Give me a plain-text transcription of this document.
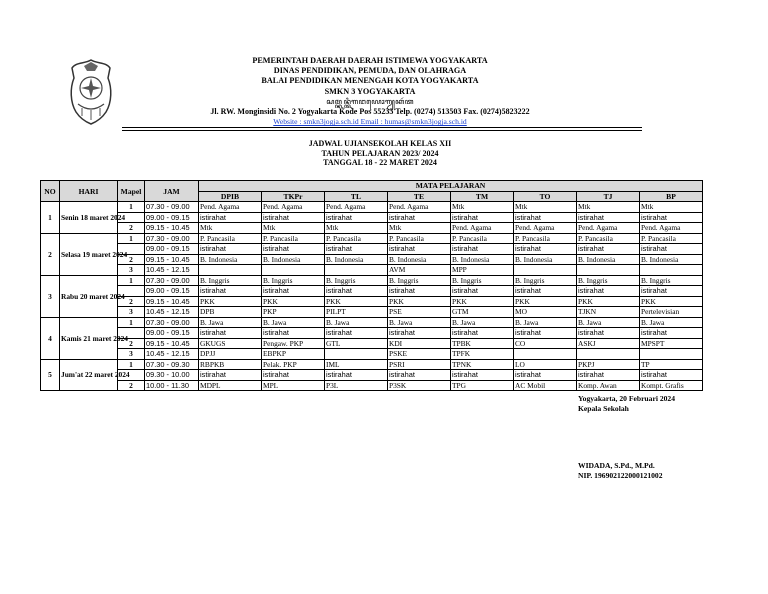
PEMERINTAH DAERAH DAERAH ISTIMEWA YOGYAKARTA
DINAS PENDIDIKAN, PEMUDA, DAN OLAHRAGA
BALAI PENDIDIKAN MENENGAH KOTA YOGYAKARTA
SMKN 3 YOGYAKARTA
ꦱꦩ꧀ꦏꦤ꧀ꦠꦶꦒꦔꦪꦺꦴꦒꦾꦏꦂꦠ
Jl. RW. Monginsidi No. 2 Yogyakarta Kode Pos 55233 Telp. (0274) 513503 Fax. (0274)5823222
Website : smkn3jogja.sch.id Email : humas@smkn3jogja.sch.id
JADWAL UJIANSEKOLAH KELAS XII
TAHUN PELAJARAN 2023/ 2024
TANGGAL 18 - 22 MARET 2024
NO	HARI	Mapel	JAM	MATA PELAJARAN							
				DPIB	TKPr	TL	TE	TM	TO	TJ	BP
1	Senin 18 maret 2024	1	07.30 - 09.00	Pend. Agama	Pend. Agama	Pend. Agama	Pend. Agama	Mtk	Mtk	Mtk	Mtk
			09.00 - 09.15	istirahat	istirahat	istirahat	istirahat	istirahat	istirahat	istirahat	istirahat
		2	09.15 - 10.45	Mtk	Mtk	Mtk	Mtk	Pend. Agama	Pend. Agama	Pend. Agama	Pend. Agama
2	Selasa 19 maret 2024	1	07.30 - 09.00	P. Pancasila	P. Pancasila	P. Pancasila	P. Pancasila	P. Pancasila	P. Pancasila	P. Pancasila	P. Pancasila
			09.00 - 09.15	istirahat	istirahat	istirahat	istirahat	istirahat	istirahat	istirahat	istirahat
		2	09.15 - 10.45	B. Indonesia	B. Indonesia	B. Indonesia	B. Indonesia	B. Indonesia	B. Indonesia	B. Indonesia	B. Indonesia
		3	10.45 - 12.15				AVM	MPP			
3	Rabu 20 maret 2024	1	07.30 - 09.00	B. Inggris	B. Inggris	B. Inggris	B. Inggris	B. Inggris	B. Inggris	B. Inggris	B. Inggris
			09.00 - 09.15	istirahat	istirahat	istirahat	istirahat	istirahat	istirahat	istirahat	istirahat
		2	09.15 - 10.45	PKK	PKK	PKK	PKK	PKK	PKK	PKK	PKK
		3	10.45 - 12.15	DPB	PKP	PILPT	PSE	GTM	MO	TJKN	Pertelevisian
4	Kamis 21 maret 2024	1	07.30 - 09.00	B. Jawa	B. Jawa	B. Jawa	B. Jawa	B. Jawa	B. Jawa	B. Jawa	B. Jawa
			09.00 - 09.15	istirahat	istirahat	istirahat	istirahat	istirahat	istirahat	istirahat	istirahat
		2	09.15 - 10.45	GKUGS	Pengaw. PKP	GTL	KDI	TPBK	CO	ASKJ	MPSPT
		3	10.45 - 12.15	DPJJ	EBPKP		PSKE	TPFK			
5	Jum'at 22 maret 2024	1	07.30 - 09.30	RBPKB	Pelak. PKP	IML	PSRI	TPNK	LO	PKPJ	TP
			09.30 - 10.00	istirahat	istirahat	istirahat	istirahat	istirahat	istirahat	istirahat	istirahat
		2	10.00 - 11.30	MDPL	MPL	P3L	P3SK	TPG	AC Mobil	Komp. Awan	Kompt. Grafis
Yogyakarta, 20 Februari 2024
Kepala Sekolah
WIDADA, S.Pd., M.Pd.
NIP. 196902122000121002
